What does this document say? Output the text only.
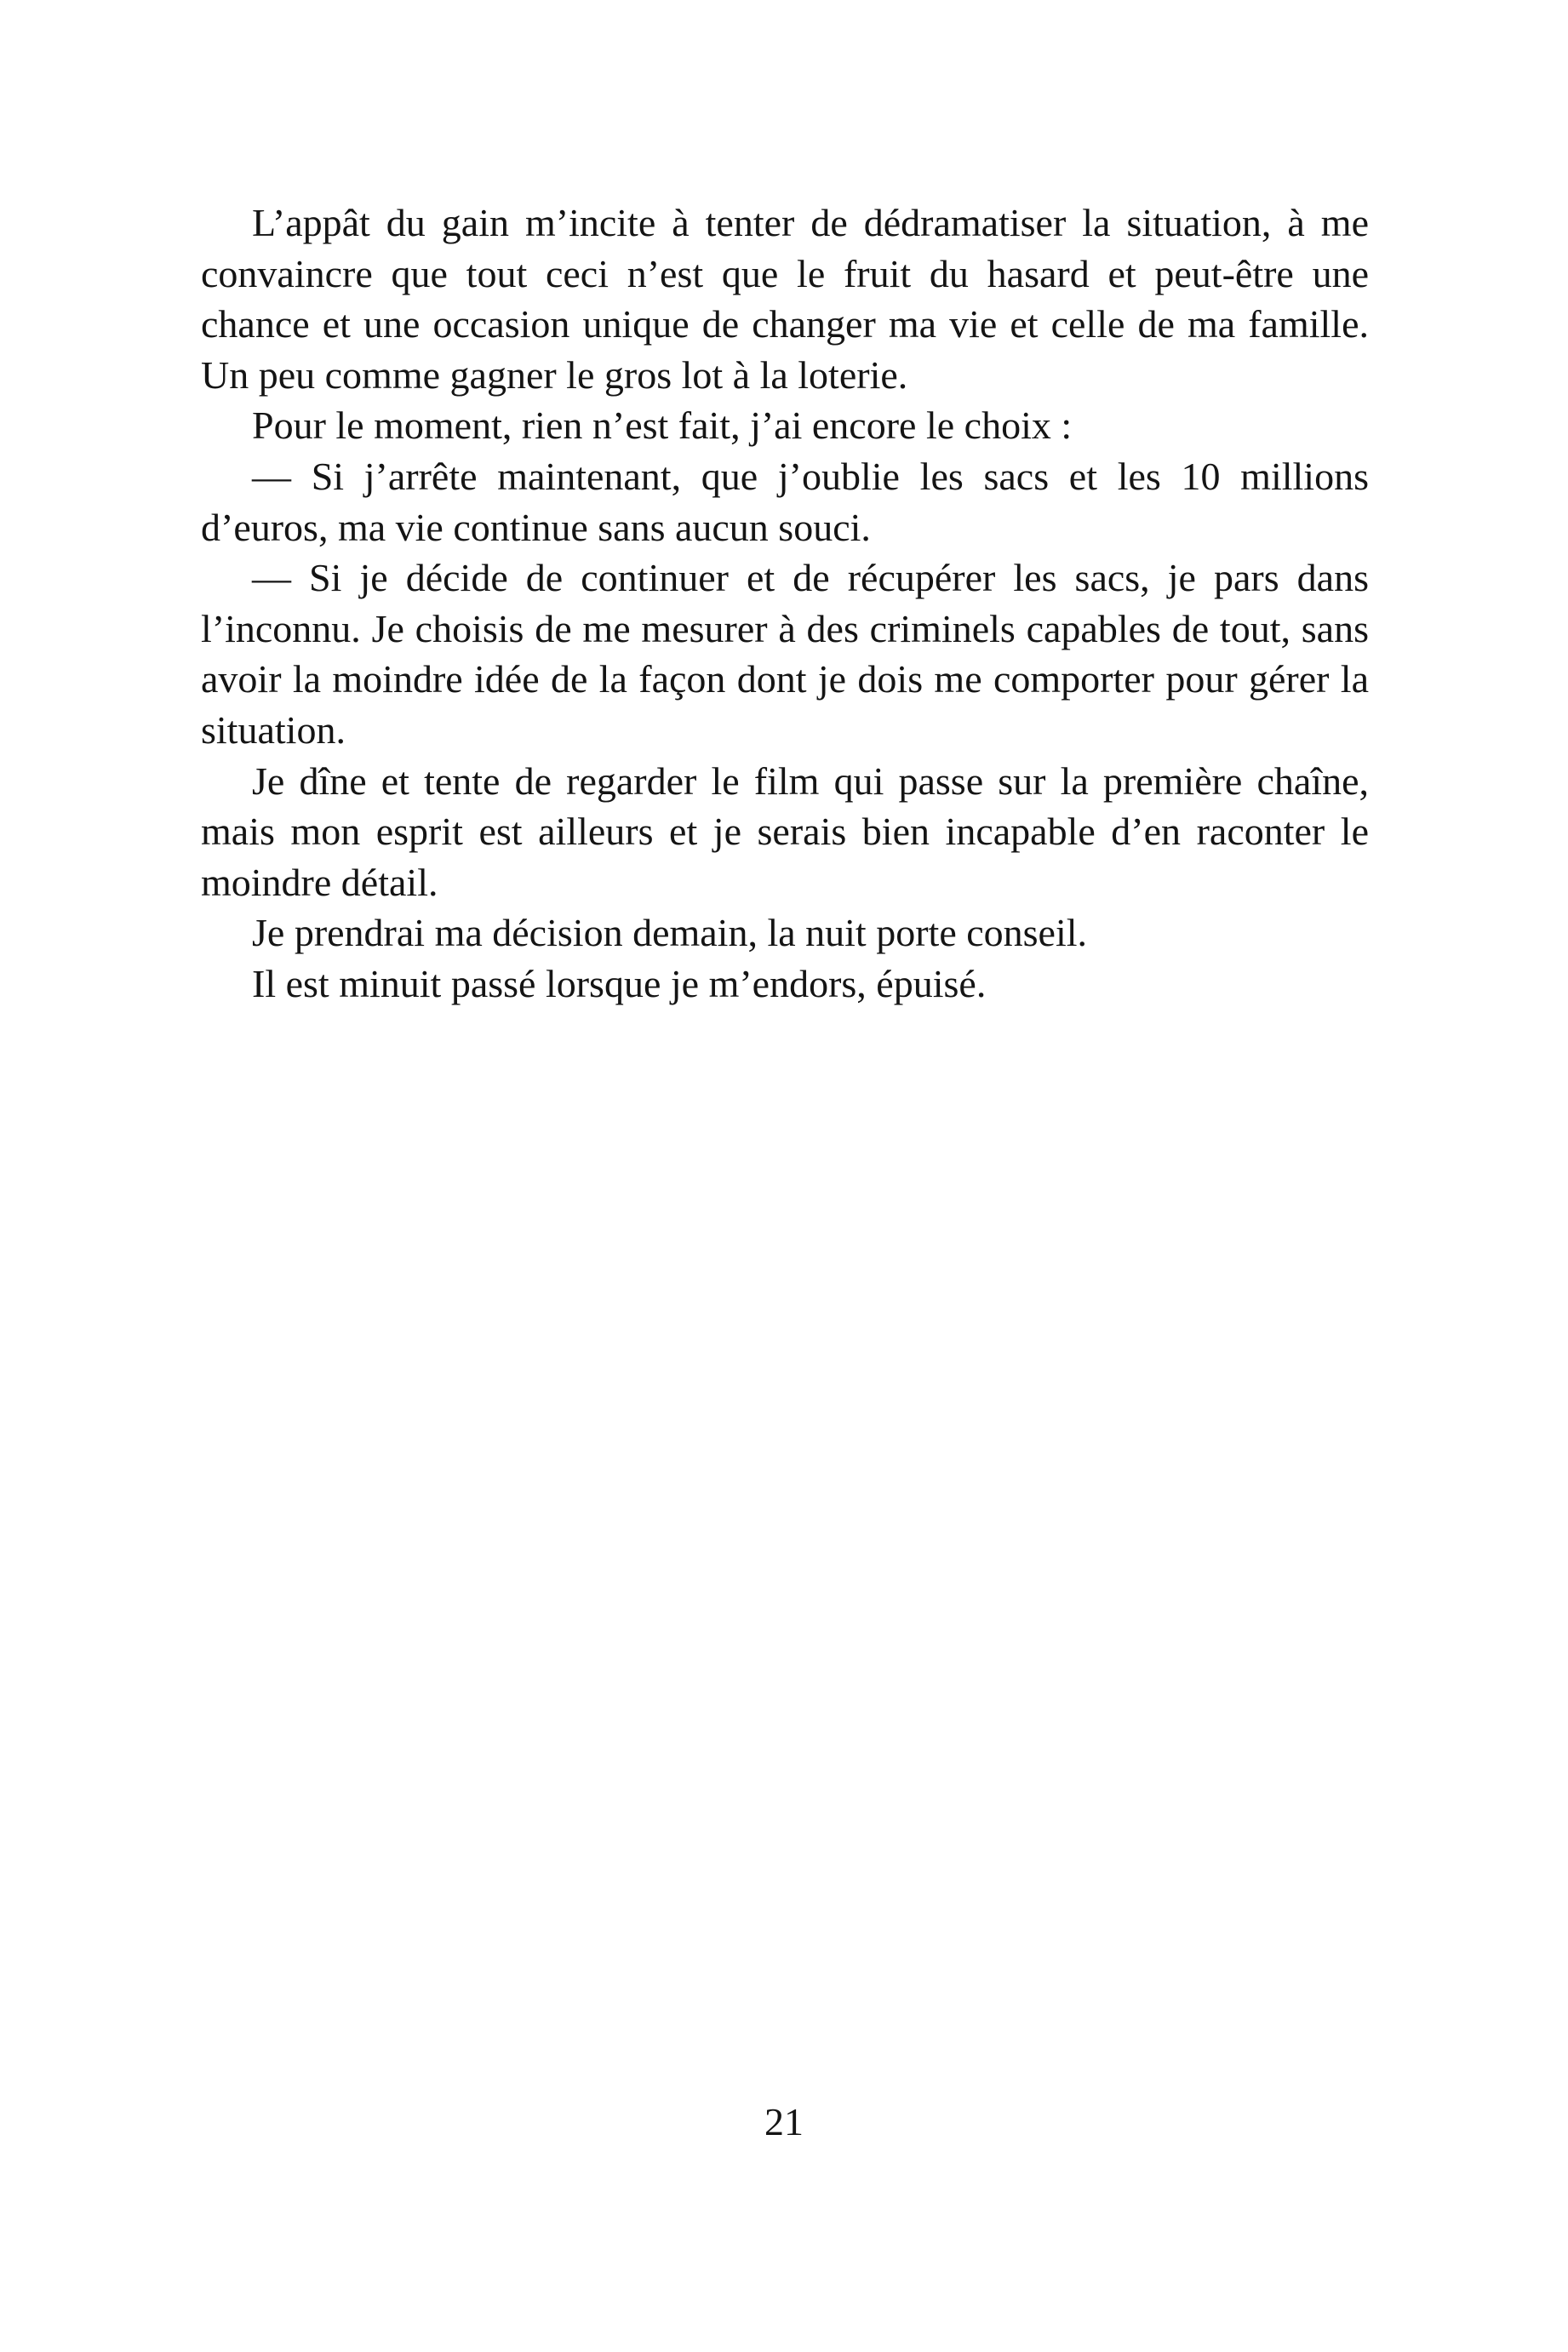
L’appât du gain m’incite à tenter de dédramatiser la situation, à me convaincre que tout ceci n’est que le fruit du hasard et peut-être une chance et une occasion unique de changer ma vie et celle de ma famille. Un peu comme gagner le gros lot à la loterie.

Pour le moment, rien n’est fait, j’ai encore le choix :

— Si j’arrête maintenant, que j’oublie les sacs et les 10 millions d’euros, ma vie continue sans aucun souci.

— Si je décide de continuer et de récupérer les sacs, je pars dans l’inconnu. Je choisis de me mesurer à des criminels capables de tout, sans avoir la moindre idée de la façon dont je dois me comporter pour gérer la situation.

Je dîne et tente de regarder le film qui passe sur la première chaîne, mais mon esprit est ailleurs et je serais bien incapable d’en raconter le moindre détail.

Je prendrai ma décision demain, la nuit porte conseil.

Il est minuit passé lorsque je m’endors, épuisé.

21
